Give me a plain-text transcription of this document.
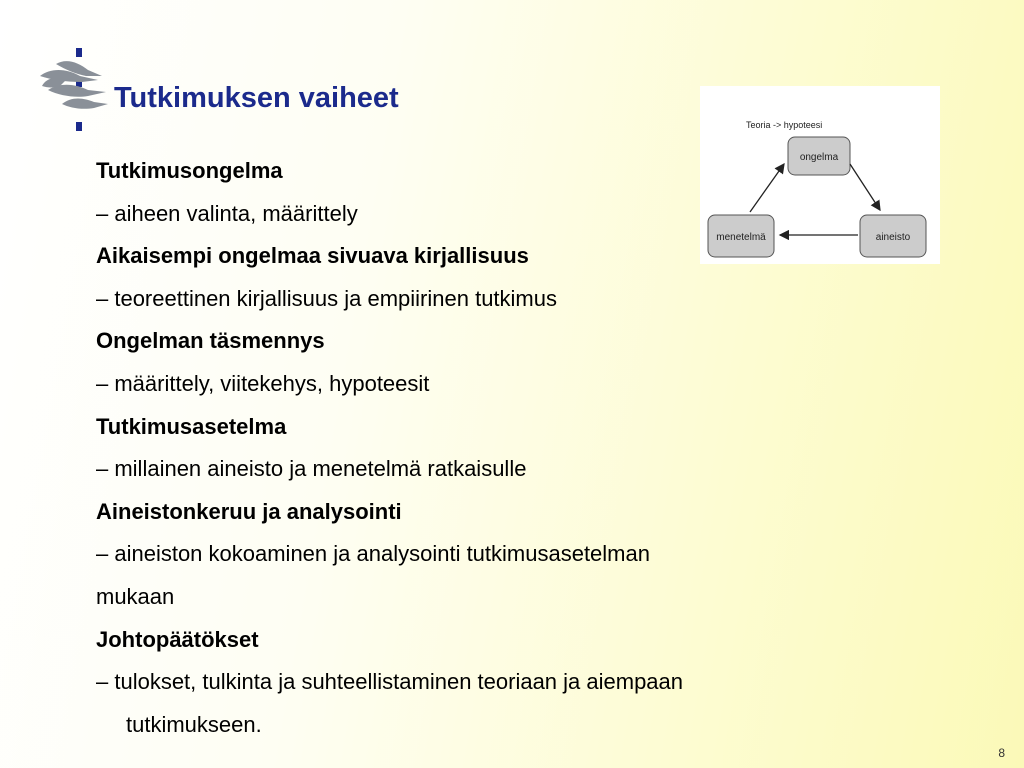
Tutkimuksen vaiheet
Teoria -> hypoteesi
ongelma
aineisto
menetelmä
Tutkimusongelma
– aiheen valinta, määrittely
Aikaisempi ongelmaa sivuava kirjallisuus
– teoreettinen kirjallisuus ja empiirinen tutkimus
Ongelman täsmennys
– määrittely, viitekehys, hypoteesit
Tutkimusasetelma
– millainen aineisto ja menetelmä ratkaisulle
Aineistonkeruu ja analysointi
– aineiston kokoaminen ja analysointi tutkimusasetelman
mukaan
Johtopäätökset
– tulokset, tulkinta ja suhteellistaminen teoriaan ja aiempaan
tutkimukseen.
8
